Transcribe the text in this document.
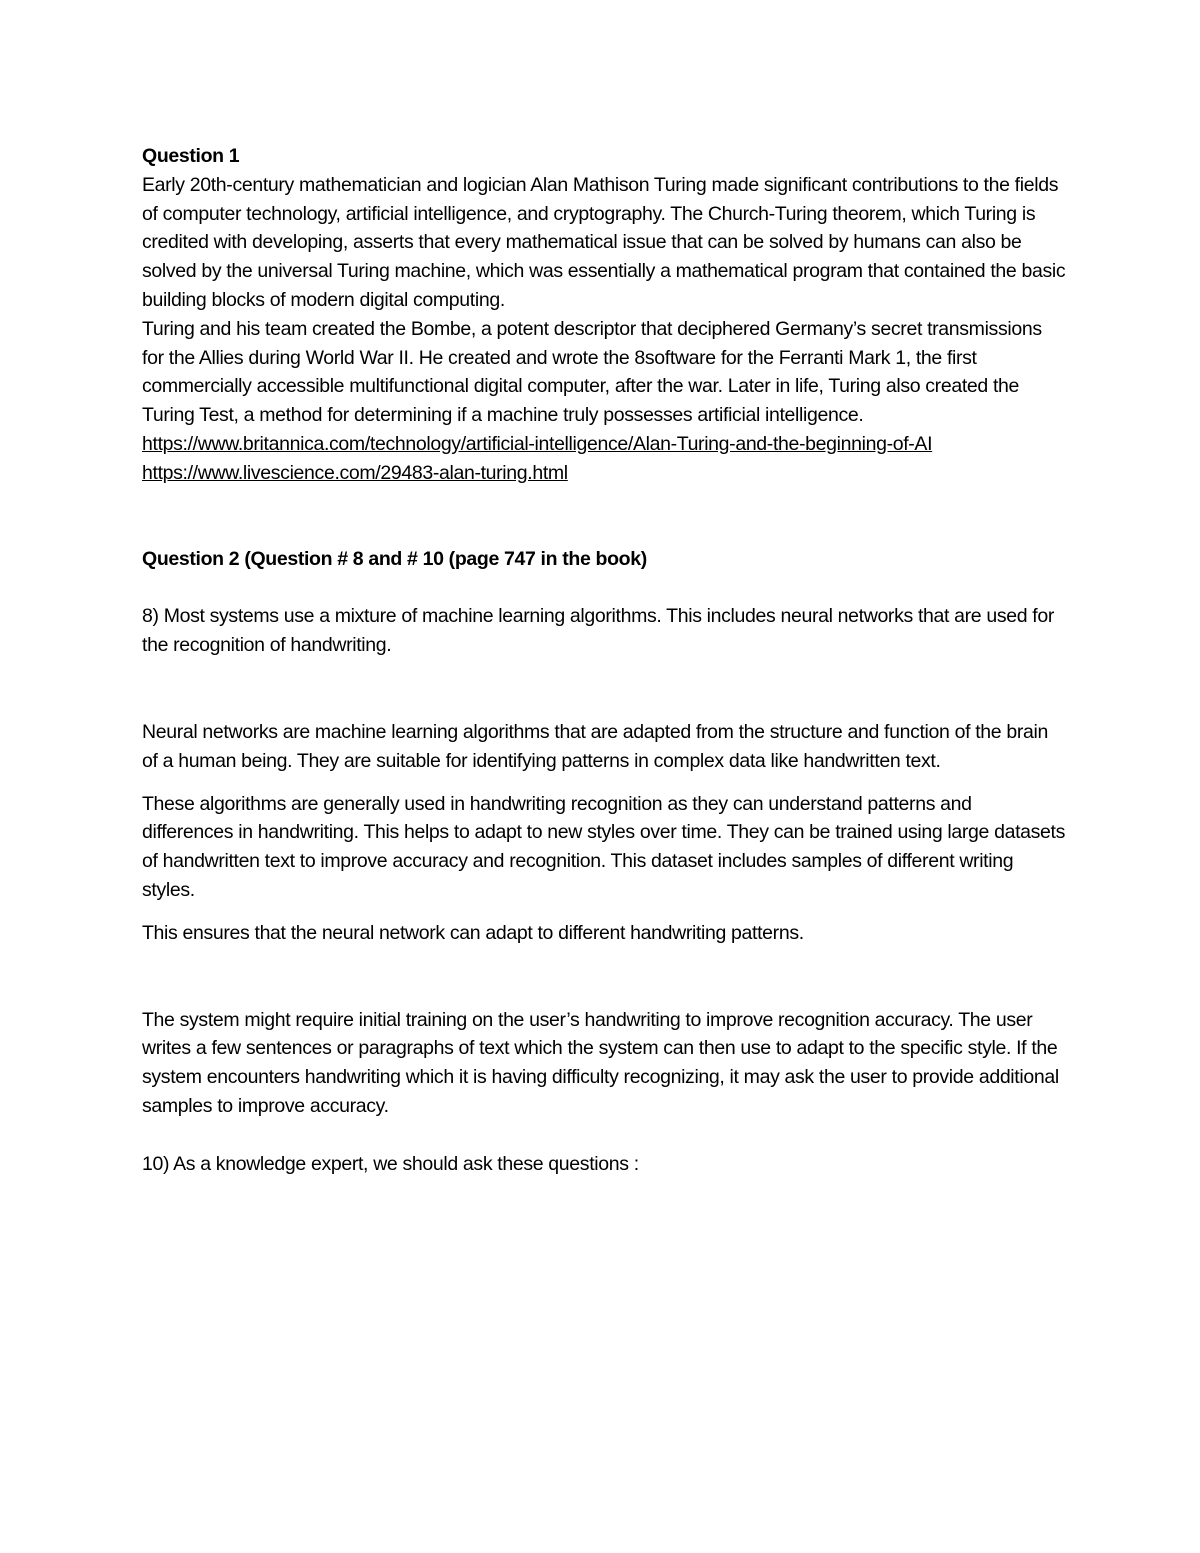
Question 1

Early 20th-century mathematician and logician Alan Mathison Turing made significant contributions to the fields of computer technology, artificial intelligence, and cryptography. The Church-Turing theorem, which Turing is credited with developing, asserts that every mathematical issue that can be solved by humans can also be solved by the universal Turing machine, which was essentially a mathematical program that contained the basic building blocks of modern digital computing.

Turing and his team created the Bombe, a potent descriptor that deciphered Germany’s secret transmissions for the Allies during World War II. He created and wrote the 8software for the Ferranti Mark 1, the first commercially accessible multifunctional digital computer, after the war. Later in life, Turing also created the Turing Test, a method for determining if a machine truly possesses artificial intelligence.

https://www.britannica.com/technology/artificial-intelligence/Alan-Turing-and-the-beginning-of-AI
https://www.livescience.com/29483-alan-turing.html

Question 2 (Question # 8 and # 10 (page 747 in the book)

8) Most systems use a mixture of machine learning algorithms. This includes neural networks that are used for the recognition of handwriting.

Neural networks are machine learning algorithms that are adapted from the structure and function of the brain of a human being. They are suitable for identifying patterns in complex data like handwritten text.

These algorithms are generally used in handwriting recognition as they can understand patterns and differences in handwriting. This helps to adapt to new styles over time. They can be trained using large datasets of handwritten text to improve accuracy and recognition. This dataset includes samples of different writing styles.

This ensures that the neural network can adapt to different handwriting patterns.

The system might require initial training on the user’s handwriting to improve recognition accuracy. The user writes a few sentences or paragraphs of text which the system can then use to adapt to the specific style. If the system encounters handwriting which it is having difficulty recognizing, it may ask the user to provide additional samples to improve accuracy.

10) As a knowledge expert, we should ask these questions :
